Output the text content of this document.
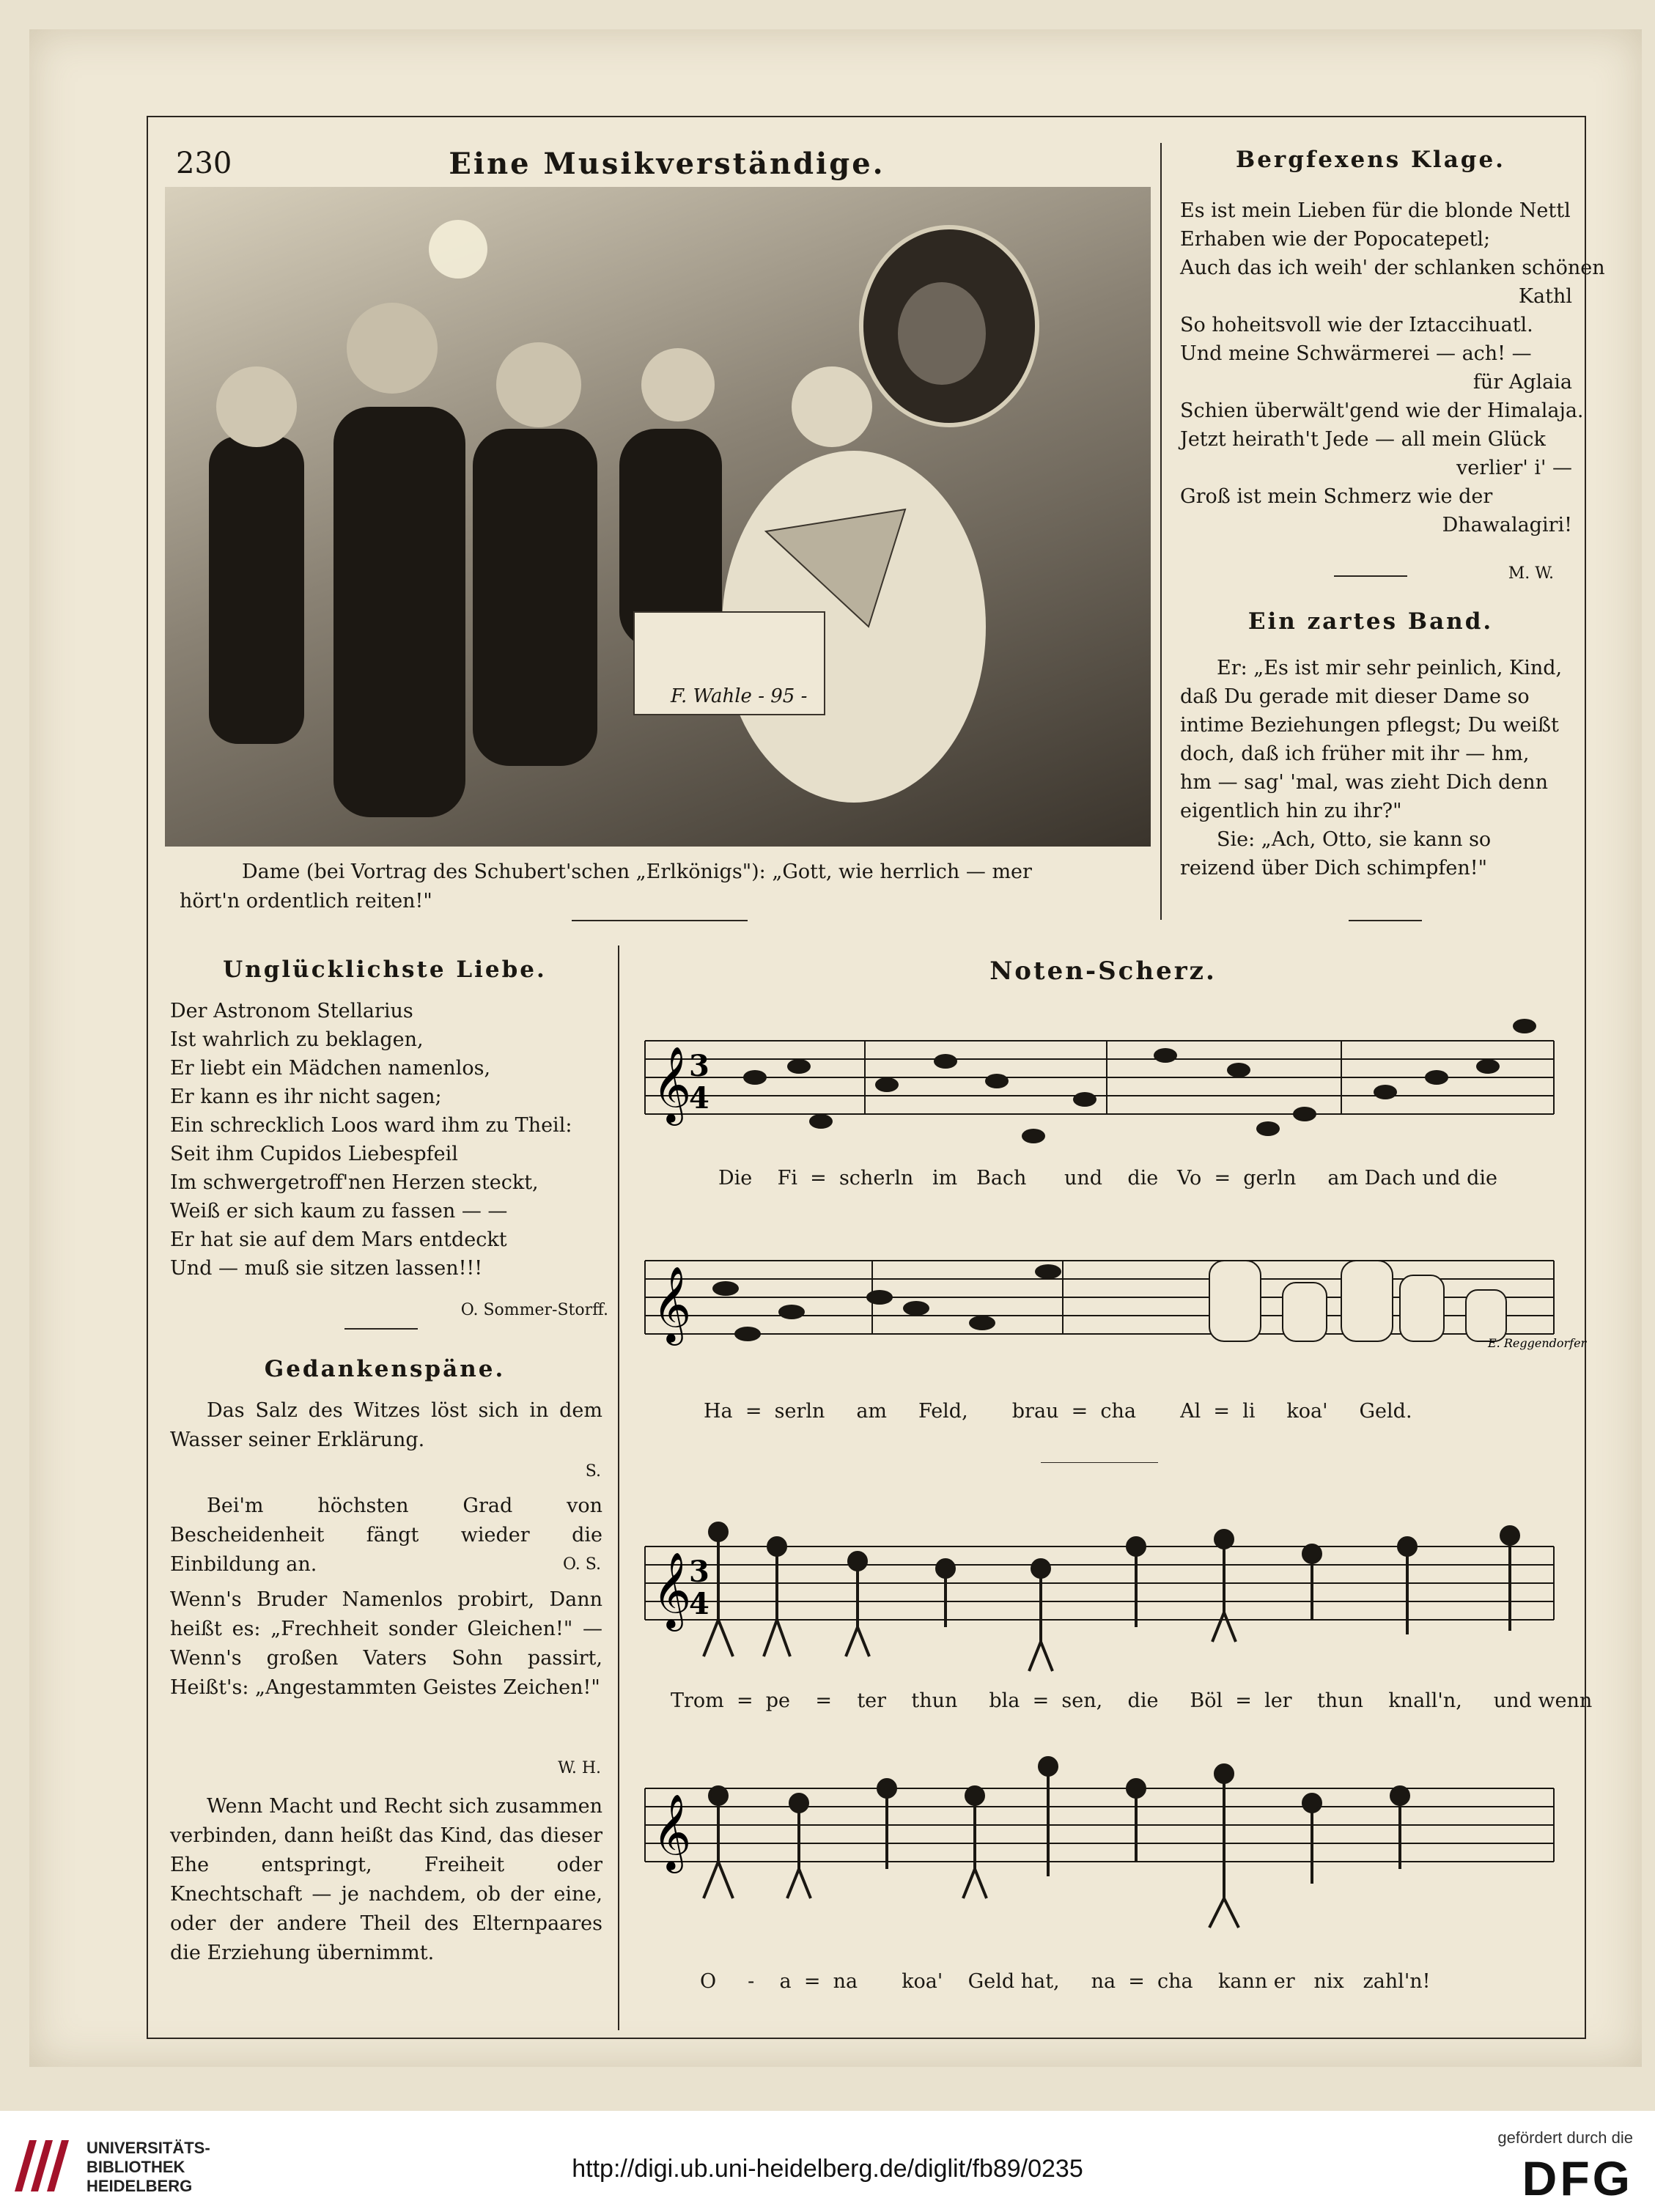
230	Eine Musikverständige.
F. Wahle - 95 -
Dame (bei Vortrag des Schubert'schen „Erlkönigs"): „Gott, wie herrlich — mer
hört'n ordentlich reiten!"
Bergfexens Klage.
Es ist mein Lieben für die blonde Nettl
Erhaben wie der Popocatepetl;
Auch das ich weih' der schlanken schönen
Kathl
So hoheitsvoll wie der Iztaccihuatl.
Und meine Schwärmerei — ach! —
für Aglaia
Schien überwält'gend wie der Himalaja.
Jetzt heirath't Jede — all mein Glück
verlier' i' —
Groß ist mein Schmerz wie der
Dhawalagiri!
M. W.
Ein zartes Band.
Er: „Es ist mir sehr peinlich, Kind,
daß Du gerade mit dieser Dame so
intime Beziehungen pflegst; Du weißt
doch, daß ich früher mit ihr — hm,
hm — sag' 'mal, was zieht Dich denn
eigentlich hin zu ihr?"
Sie: „Ach, Otto, sie kann so
reizend über Dich schimpfen!"
Unglücklichste Liebe.
Der Astronom Stellarius
Ist wahrlich zu beklagen,
Er liebt ein Mädchen namenlos,
Er kann es ihr nicht sagen;
Ein schrecklich Loos ward ihm zu Theil:
Seit ihm Cupidos Liebespfeil
Im schwergetroff'nen Herzen steckt,
Weiß er sich kaum zu fassen — —
Er hat sie auf dem Mars entdeckt
Und — muß sie sitzen lassen!!!
O. Sommer-Storff.
Gedankenspäne.
Das Salz des Witzes löst sich in dem Wasser seiner Erklärung.
S.
Bei'm höchsten Grad von Bescheidenheit fängt wieder die Einbildung an.	O. S.
Wenn's Bruder Namenlos probirt, Dann heißt es: „Frechheit sonder Gleichen!" — Wenn's großen Vaters Sohn passirt, Heißt's: „Angestammten Geistes Zeichen!"
W. H.
Wenn Macht und Recht sich zusammen verbinden, dann heißt das Kind, das dieser Ehe entspringt, Freiheit oder Knechtschaft — je nachdem, ob der eine, oder der andere Theil des Elternpaares die Erziehung übernimmt.
Noten-Scherz.
𝄞
3
4
Die Fi = scherln im Bach und die Vo = gerln am Dach und die
𝄞
E. Reggendorfer
Ha = serln am Feld, brau = cha Al = li koa' Geld.
𝄞
3
4
Trom = pe = ter thun bla = sen, die Böl = ler thun knall'n, und wenn
𝄞
O - a = na koa' Geld hat, na = cha kann er nix zahl'n!
UNIVERSITÄTS-
BIBLIOTHEK
HEIDELBERG
http://digi.ub.uni-heidelberg.de/diglit/fb89/0235
gefördert durch die
DFG
